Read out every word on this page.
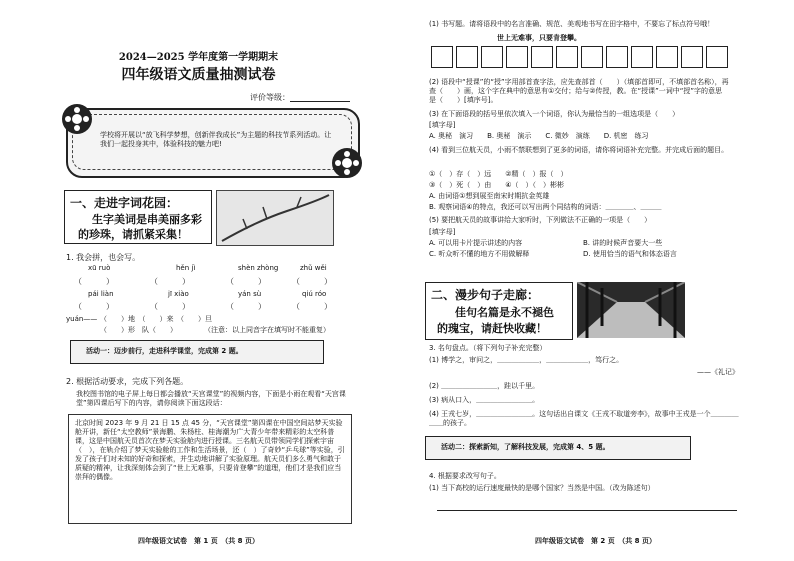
2024—2025 学年度第一学期期末
四年级语文质量抽测试卷
评价等级：
学校将开展以“放飞科学梦想，创新伴我成长”为主题的科技节系列活动。让我们一起投身其中，体验科技的魅力吧!
一、走进字词花园：
生字美词是串美丽多彩
的珍珠，请抓紧采集！
1. 我会拼，也会写。
xū ruò	hěn jì	shèn zhòng	zhǔ wěi
（　　　）	（　　　）	（　　　）	（　　　）
pái liàn	jī xiào	yán sù	qiú róo
（　　　）	（　　　）	（　　　）	（　　　）
yuán—— （　　）地　（　　）来　（　　）旦
（　　）形　队（　　）	（注意：以上同音字在填写时不能重复）
活动一：迈步前行，走进科学课堂，完成第 2 题。
2. 根据活动要求，完成下列各题。
我校图书馆的电子屏上每日都会播放“天宫课堂”的视频内容，下面是小雨在观看“天宫课堂”第四课后写下的内容，请你阅读下面这段话：
北京时间 2023 年 9 月 21 日 15 点 45 分，“天宫课堂”第四课在中国空间站梦天实验舱开讲，新任“太空教师”景海鹏、朱杨柱、桂海潮为广大青少年带来精彩的太空科普课，这是中国航天员首次在梦天实验舱内进行授课。三名航天员带领同学们探索宇宙（　），在轨介绍了梦天实验舱的工作和生活场景，还（　）了奇妙“乒乓球”等实验，引发了孩子们对未知的好奇和探索，并生动地讲解了实验原理。航天员们多么勇气和敢于质疑的精神，让我深刻体会到了“世上无难事，只要肯登攀”的道理，他们才是我们应当崇拜的偶像。
四年级语文试卷　第 1 页　（共 8 页）
(1) 书写题。请将语段中的名言准确、规范、美观地书写在田字格中，不要忘了标点符号哦！
世上无难事，只要肯登攀。
(2) 语段中“授课”的“授”字用部首查字法，应先查部首（　　）（填部首即可，不填部首名称），再查（　　）画，这个字在典中的意思有①交付；给与②传授，教。在“授课”一词中“授”字的意思是（　　）[填序号]。
(3) 在下面语段的括号里依次填入一个词语，你认为最恰当的一组选项是（　　）
[填字母]
A. 奥秘　演习　　B. 奥秘　演示　　C. 微妙　演练　　D. 机密　练习
(4) 看到三位航天员，小雨不禁联想到了更多的词语，请你将词语补充完整。并完成后面的题目。
①（　）存（　）远　　②精（　）报（　）
③（　）死（　）由　　④（　）（　）彬彬
A. 由词语①想到展至南宋时期抗金英雄
B. 观察词语④的特点，我还可以写出两个同结构的词语：＿＿＿＿、＿＿＿
(5) 要把航天员的故事讲给大家听时，下列做法不正确的一项是（　　）
[填字母]
A. 可以用卡片提示讲述的内容	B. 讲的时候声音要大一些
C. 听众听不懂的地方不用做解释	D. 使用恰当的语气和体态语言
二、漫步句子走廊：
佳句名篇是永不褪色
的瑰宝，请赶快收藏！
3. 名句盘点。（将下列句子补充完整）
(1) 博学之，审问之，＿＿＿＿＿＿，＿＿＿＿＿＿，笃行之。
——《礼记》
(2) ＿＿＿＿＿＿＿＿，跬以千里。
(3) 病从口入，＿＿＿＿＿＿＿＿。
(4) 王戎七岁，＿＿＿＿＿＿＿＿。这句话出自课文《王戎不取道旁李》，故事中王戎是一个＿＿＿＿＿＿的孩子。
活动二：探索新知，了解科技发展，完成第 4、5 题。
4. 根据要求改写句子。
(1) 当下高校的运行速度最快的是哪个国家？当然是中国。（改为陈述句）
四年级语文试卷　第 2 页　（共 8 页）
